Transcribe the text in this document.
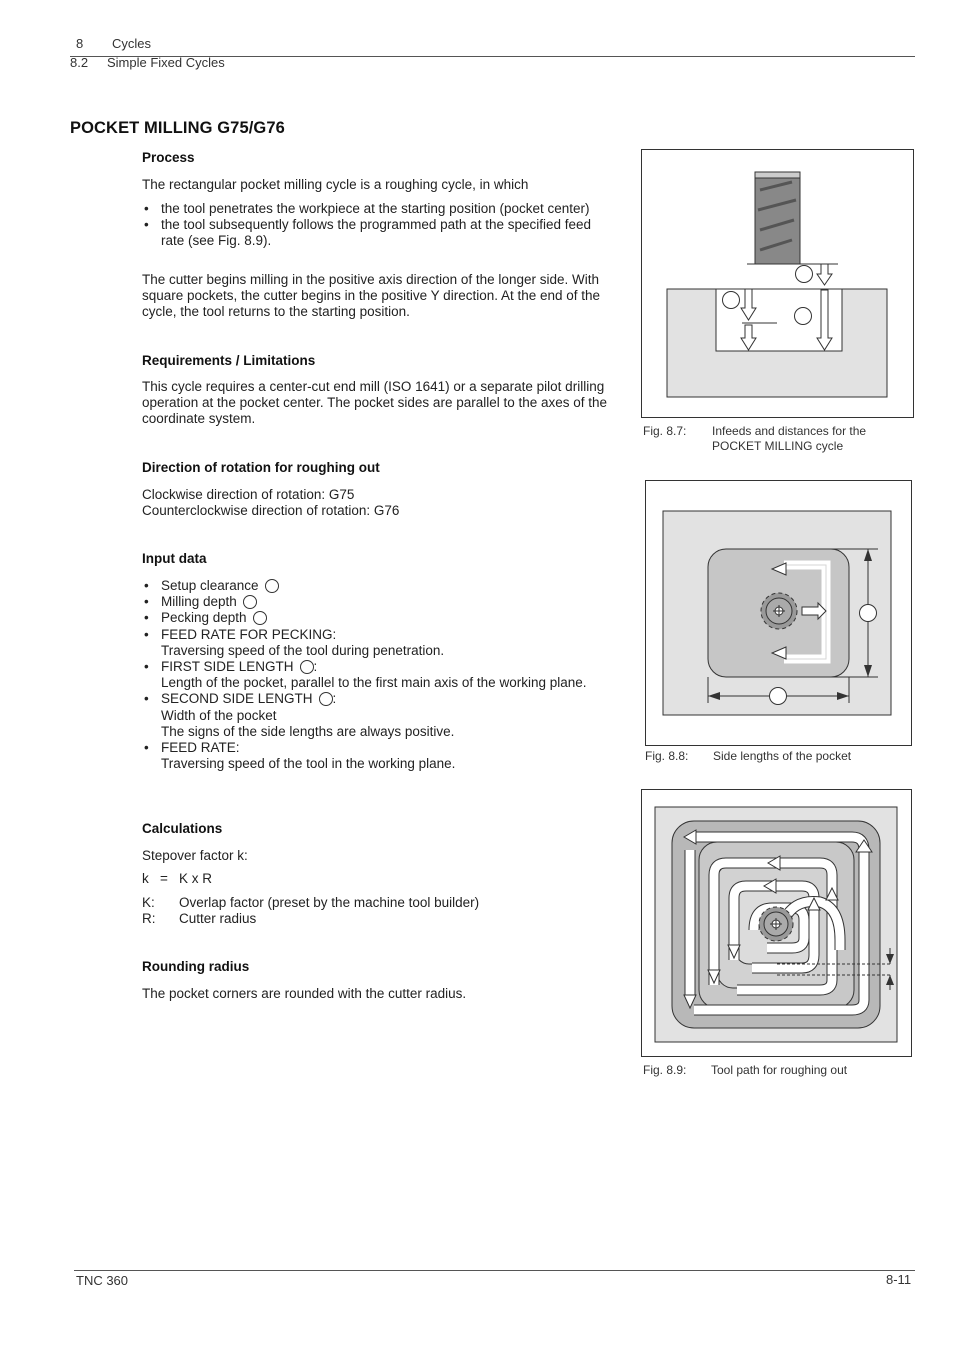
8 Cycles
8.2 Simple Fixed Cycles
POCKET MILLING G75/G76
Process

The rectangular pocket milling cycle is a roughing cycle, in which

• the tool penetrates the workpiece at the starting position (pocket center)
• the tool subsequently follows the programmed path at the specified feed rate (see Fig. 8.9).

The cutter begins milling in the positive axis direction of the longer side. With square pockets, the cutter begins in the positive Y direction. At the end of the cycle, the tool returns to the starting position.

Requirements / Limitations

This cycle requires a center-cut end mill (ISO 1641) or a separate pilot drilling operation at the pocket center. The pocket sides are parallel to the axes of the coordinate system.

Direction of rotation for roughing out

Clockwise direction of rotation: G75

Counterclockwise direction of rotation: G76

Input data
• Setup clearance
• Milling depth
• Pecking depth
• FEED RATE FOR PECKING:
Traversing speed of the tool during penetration.
• FIRST SIDE LENGTH :
Length of the pocket, parallel to the first main axis of the working plane.
• SECOND SIDE LENGTH :
Width of the pocket
The signs of the side lengths are always positive.
• FEED RATE:
Traversing speed of the tool in the working plane.
Calculations

Stepover factor k:

k = K x R
K: Overlap factor (preset by the machine tool builder)
R: Cutter radius
Rounding radius

The pocket corners are rounded with the cutter radius.

Fig. 8.7: Infeeds and distances for the
POCKET MILLING cycle
Fig. 8.8: Side lengths of the pocket
Fig. 8.9: Tool path for roughing out
TNC 360	8-11
